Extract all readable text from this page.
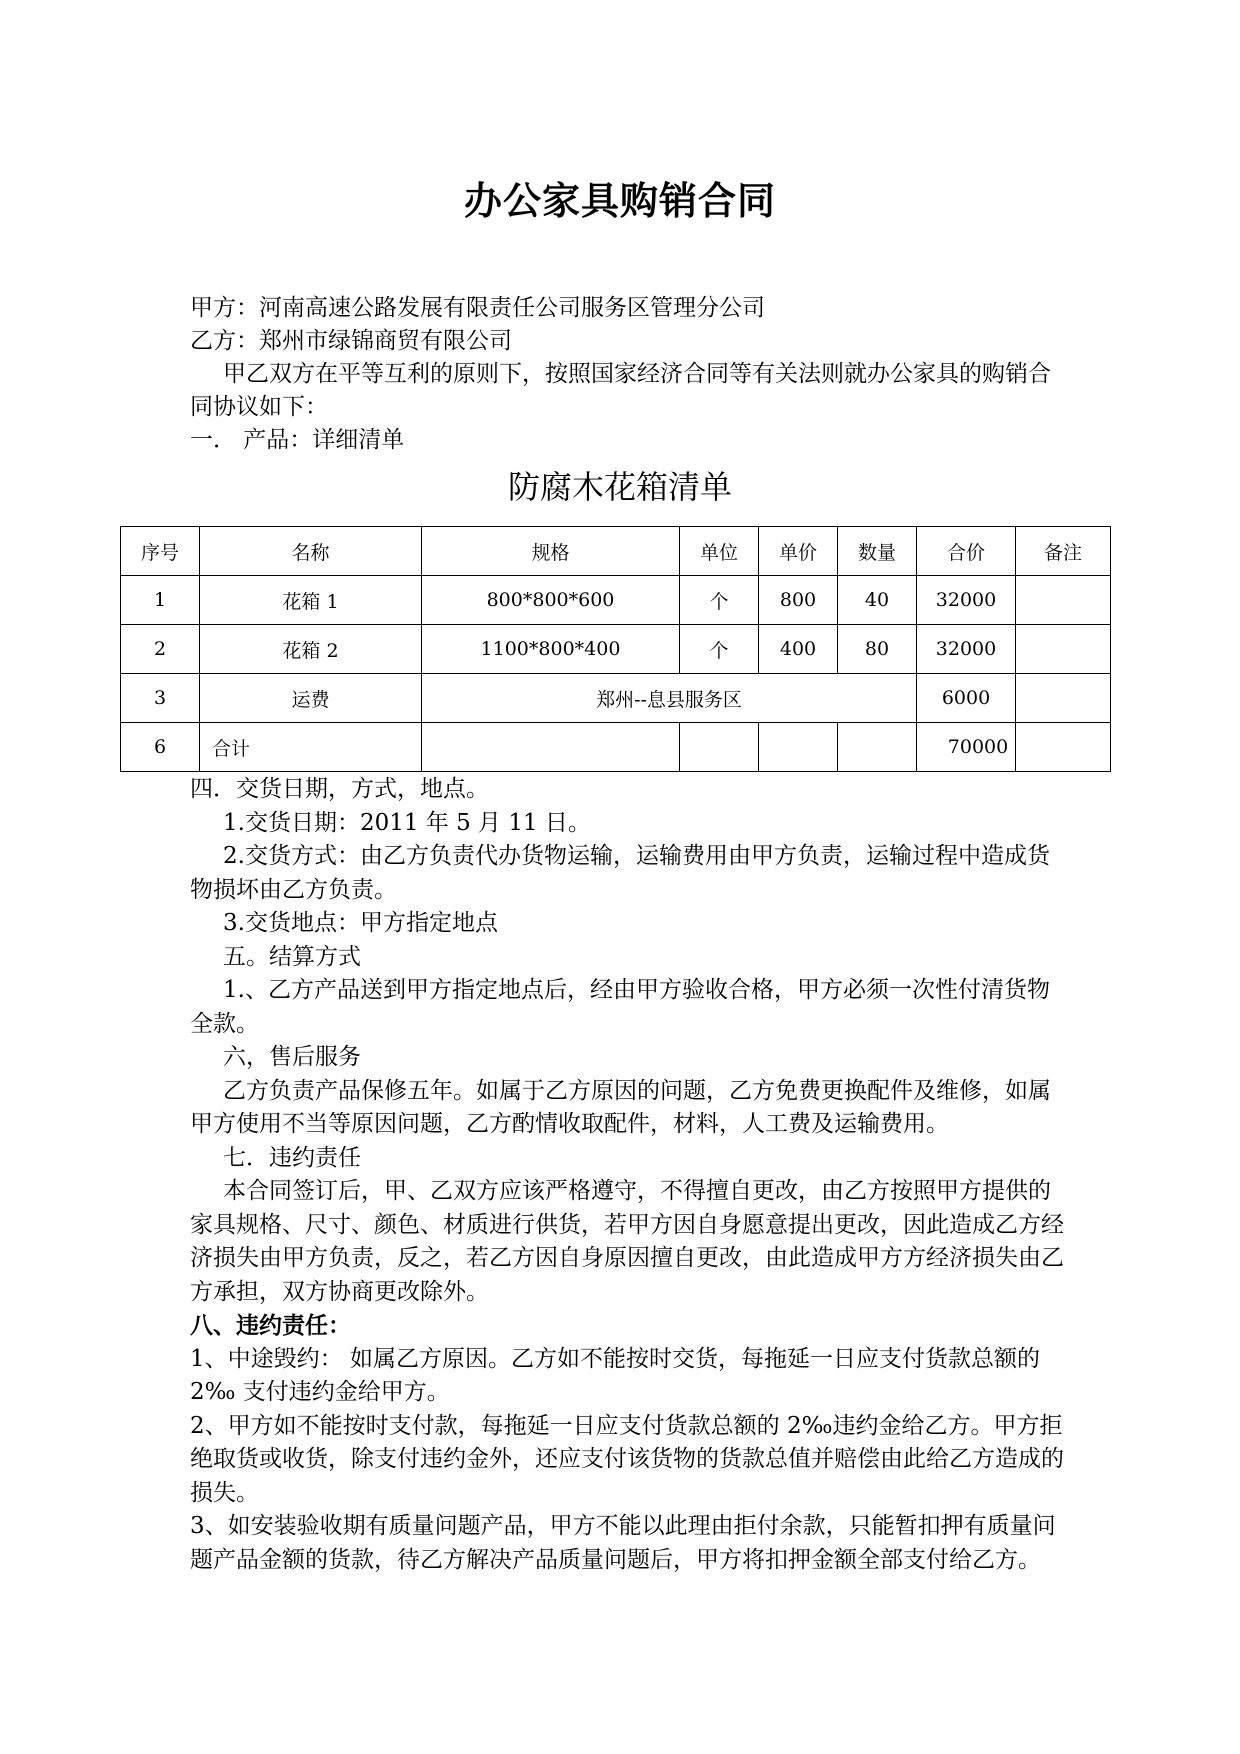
办公家具购销合同

甲方：河南高速公路发展有限责任公司服务区管理分公司

乙方：郑州市绿锦商贸有限公司

甲乙双方在平等互利的原则下，按照国家经济合同等有关法则就办公家具的购销合同协议如下：

一． 产品：详细清单

防腐木花箱清单
序号	名称	规格	单位	单价	数量	合价	备注
1	花箱 1	800*800*600	个	800	40	32000	
2	花箱 2	1100*800*400	个	400	80	32000	
3	运费	郑州--息县服务区				6000	
6	合计					70000	

四．交货日期，方式，地点。

1.交货日期：2011 年 5 月 11 日。

2.交货方式：由乙方负责代办货物运输，运输费用由甲方负责，运输过程中造成货物损坏由乙方负责。

3.交货地点：甲方指定地点

五。结算方式

1.、乙方产品送到甲方指定地点后，经由甲方验收合格，甲方必须一次性付清货物全款。

六，售后服务

乙方负责产品保修五年。如属于乙方原因的问题，乙方免费更换配件及维修，如属甲方使用不当等原因问题，乙方酌情收取配件，材料，人工费及运输费用。

七．违约责任

本合同签订后，甲、乙双方应该严格遵守，不得擅自更改，由乙方按照甲方提供的家具规格、尺寸、颜色、材质进行供货，若甲方因自身愿意提出更改，因此造成乙方经济损失由甲方负责，反之，若乙方因自身原因擅自更改，由此造成甲方方经济损失由乙方承担，双方协商更改除外。

八、违约责任：

1、中途毁约： 如属乙方原因。乙方如不能按时交货，每拖延一日应支付货款总额的 2‰ 支付违约金给甲方。

2、甲方如不能按时支付款，每拖延一日应支付货款总额的 2‰违约金给乙方。甲方拒绝取货或收货，除支付违约金外，还应支付该货物的货款总值并赔偿由此给乙方造成的损失。

3、如安装验收期有质量问题产品，甲方不能以此理由拒付余款，只能暂扣押有质量问题产品金额的货款，待乙方解决产品质量问题后，甲方将扣押金额全部支付给乙方。
